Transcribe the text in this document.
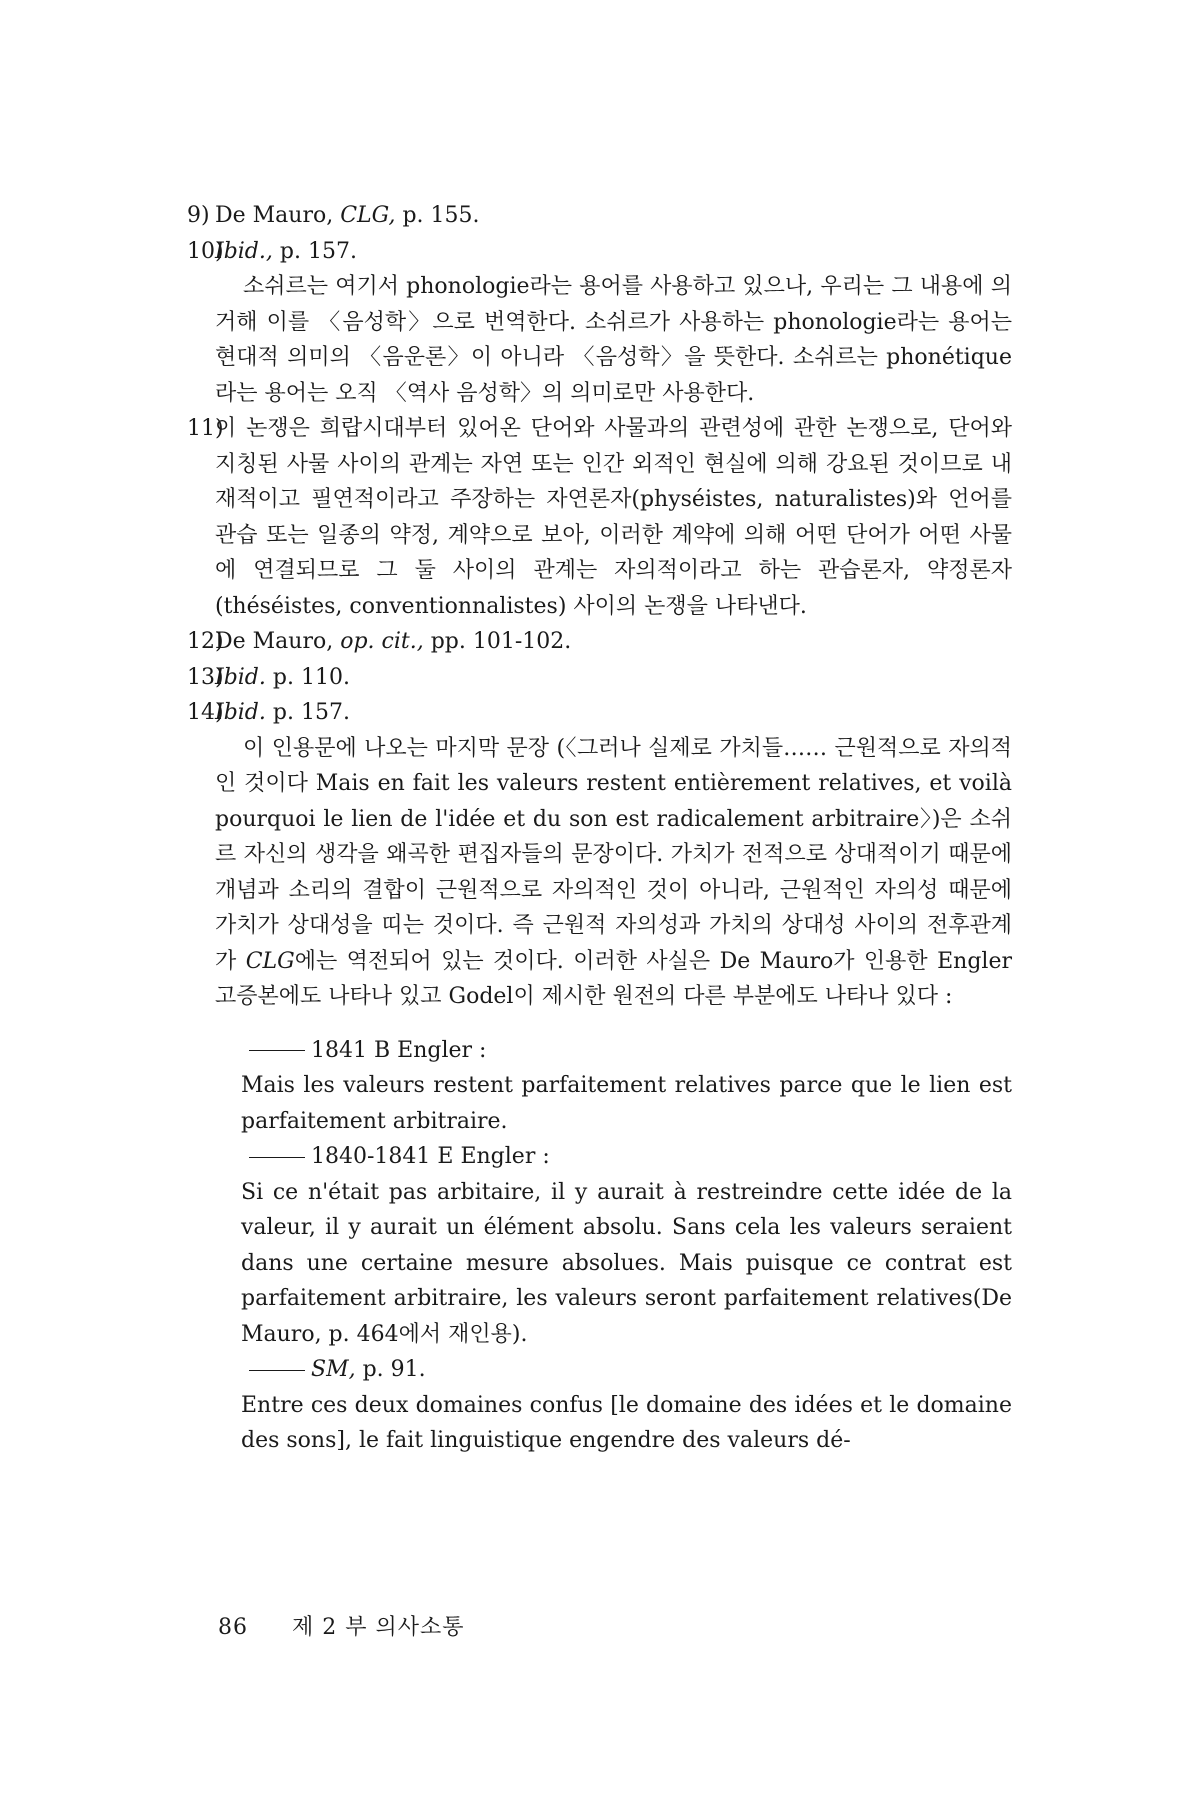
9) De Mauro, CLG, p. 155.
10)
Ibid., p. 157.
소쉬르는 여기서 phonologie라는 용어를 사용하고 있으나, 우리는 그 내용에 의거해 이를 〈음성학〉으로 번역한다. 소쉬르가 사용하는 phonologie라는 용어는 현대적 의미의 〈음운론〉이 아니라 〈음성학〉을 뜻한다. 소쉬르는 phonétique라는 용어는 오직 〈역사 음성학〉의 의미로만 사용한다.
11)
이 논쟁은 희랍시대부터 있어온 단어와 사물과의 관련성에 관한 논쟁으로, 단어와 지칭된 사물 사이의 관계는 자연 또는 인간 외적인 현실에 의해 강요된 것이므로 내재적이고 필연적이라고 주장하는 자연론자(physéistes, naturalistes)와 언어를 관습 또는 일종의 약정, 계약으로 보아, 이러한 계약에 의해 어떤 단어가 어떤 사물에 연결되므로 그 둘 사이의 관계는 자의적이라고 하는 관습론자, 약정론자(théséistes, conventionnalistes) 사이의 논쟁을 나타낸다.
12)
De Mauro, op. cit., pp. 101-102.
13)
Ibid. p. 110.
14)
Ibid. p. 157.
이 인용문에 나오는 마지막 문장 (〈그러나 실제로 가치들…… 근원적으로 자의적인 것이다 Mais en fait les valeurs restent entièrement relatives, et voilà pourquoi le lien de l'idée et du son est radicalement arbitraire〉)은 소쉬르 자신의 생각을 왜곡한 편집자들의 문장이다. 가치가 전적으로 상대적이기 때문에 개념과 소리의 결합이 근원적으로 자의적인 것이 아니라, 근원적인 자의성 때문에 가치가 상대성을 띠는 것이다. 즉 근원적 자의성과 가치의 상대성 사이의 전후관계가 CLG에는 역전되어 있는 것이다. 이러한 사실은 De Mauro가 인용한 Engler 고증본에도 나타나 있고 Godel이 제시한 원전의 다른 부분에도 나타나 있다 :
1841 B Engler :
Mais les valeurs restent parfaitement relatives parce que le lien est parfaitement arbitraire.
1840-1841 E Engler :
Si ce n'était pas arbitaire, il y aurait à restreindre cette idée de la valeur, il y aurait un élément absolu. Sans cela les valeurs seraient dans une certaine mesure absolues. Mais puisque ce contrat est parfaitement arbitraire, les valeurs seront parfaitement relatives(De Mauro, p. 464에서 재인용).
SM, p. 91.
Entre ces deux domaines confus [le domaine des idées et le domaine des sons], le fait linguistique engendre des valeurs dé-
86 제 2 부 의사소통
